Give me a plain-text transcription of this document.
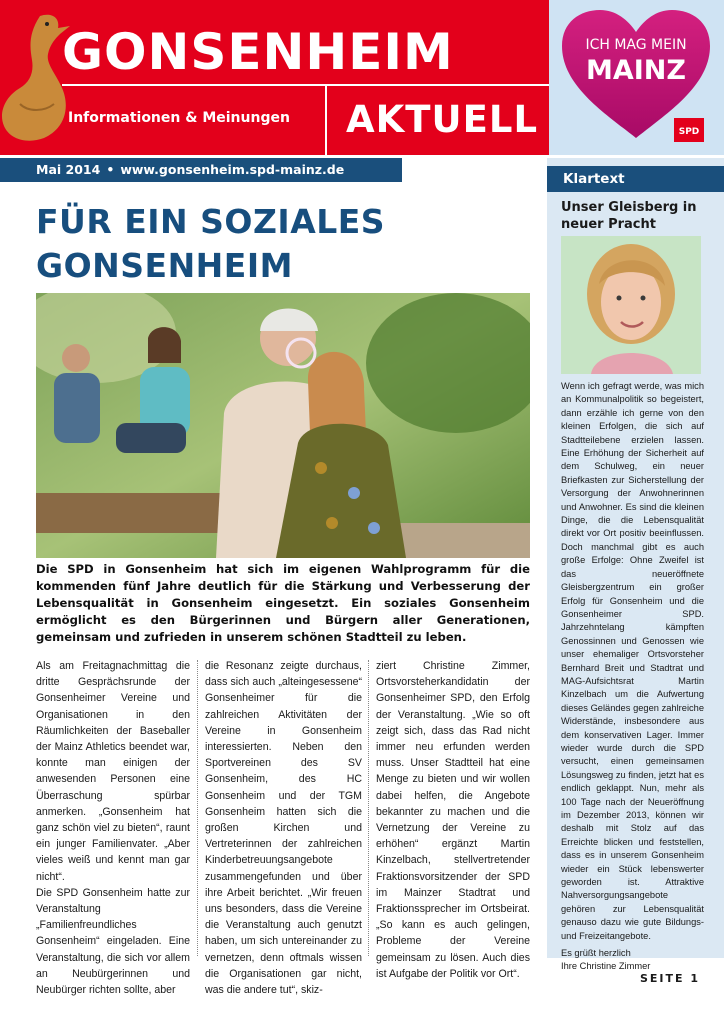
GONSENHEIM
Informationen & Meinungen AKTUELL
ICH MAG MEIN
MAINZ
SPD
Mai 2014 • www.gonsenheim.spd-mainz.de
FÜR EIN SOZIALES
GONSENHEIM
Die SPD in Gonsenheim hat sich im eigenen Wahlprogramm für die kommenden fünf Jahre deutlich für die Stärkung und Verbesserung der Lebensqualität in Gonsenheim eingesetzt. Ein soziales Gonsenheim ermöglicht es den Bürgerinnen und Bürgern aller Generationen, gemeinsam und zufrieden in unserem schönen Stadtteil zu leben.

Als am Freitagnachmittag die dritte Gesprächsrunde der Gonsenheimer Vereine und Organisationen in den Räumlichkeiten der Baseballer der Mainz Athletics beendet war, konnte man einigen der anwesenden Personen eine Überraschung spürbar anmerken. „Gonsenheim hat ganz schön viel zu bieten“, raunt ein junger Familienvater. „Aber vieles weiß und kennt man gar nicht“.

Die SPD Gonsenheim hatte zur Veranstaltung „Familienfreundliches Gonsenheim“ eingeladen. Eine Veranstaltung, die sich vor allem an Neubürgerinnen und Neubürger richten sollte, aber

die Resonanz zeigte durchaus, dass sich auch „alteingesessene“ Gonsenheimer für die zahlreichen Aktivitäten der Vereine in Gonsenheim interessierten. Neben den Sportvereinen des SV Gonsenheim, des HC Gonsenheim und der TGM Gonsenheim hatten sich die großen Kirchen und Vertreterinnen der zahlreichen Kinderbetreuungsangebote zusammengefunden und über ihre Arbeit berichtet. „Wir freuen uns besonders, dass die Vereine die Veranstaltung auch genutzt haben, um sich untereinander zu vernetzen, denn oftmals wissen die Organisationen gar nicht, was die andere tut“, skiz-

ziert Christine Zimmer, Ortsvorsteherkandidatin der Gonsenheimer SPD, den Erfolg der Veranstaltung. „Wie so oft zeigt sich, dass das Rad nicht immer neu erfunden werden muss. Unser Stadtteil hat eine Menge zu bieten und wir wollen dabei helfen, die Angebote bekannter zu machen und die Vernetzung der Vereine zu erhöhen“ ergänzt Martin Kinzelbach, stellvertretender Fraktionsvorsitzender der SPD im Mainzer Stadtrat und Fraktionssprecher im Ortsbeirat. „So kann es auch gelingen, Probleme der Vereine gemeinsam zu lösen. Auch dies ist Aufgabe der Politik vor Ort“.

Klartext
Unser Gleisberg in neuer Pracht

Wenn ich gefragt werde, was mich an Kommunalpolitik so begeistert, dann erzähle ich gerne von den kleinen Erfolgen, die sich auf Stadtteilebene erzielen lassen. Eine Erhöhung der Sicherheit auf dem Schulweg, ein neuer Briefkasten zur Sicherstellung der Versorgung der Anwohnerinnen und Anwohner. Es sind die kleinen Dinge, die die Lebensqualität direkt vor Ort positiv beeinflussen. Doch manchmal gibt es auch große Erfolge: Ohne Zweifel ist das neueröffnete Gleisbergzentrum ein großer Erfolg für Gonsenheim und die Gonsenheimer SPD. Jahrzehntelang kämpften Genossinnen und Genossen wie unser ehemaliger Ortsvorsteher Bernhard Breit und Stadtrat und MAG-Aufsichtsrat Martin Kinzelbach um die Aufwertung dieses Geländes gegen zahlreiche Widerstände, insbesondere aus dem konservativen Lager. Immer wieder wurde durch die SPD versucht, einen gemeinsamen Lösungsweg zu finden, jetzt hat es endlich geklappt. Nun, mehr als 100 Tage nach der Neueröffnung im Dezember 2013, können wir deshalb mit Stolz auf das Erreichte blicken und feststellen, dass es in unserem Gonsenheim wieder ein Stück lebenswerter geworden ist. Attraktive Nahversorgungsangebote gehören zur Lebensqualität genauso dazu wie gute Bildungs- und Freizeitangebote.

Es grüßt herzlich
Ihre Christine Zimmer
SEITE 1
